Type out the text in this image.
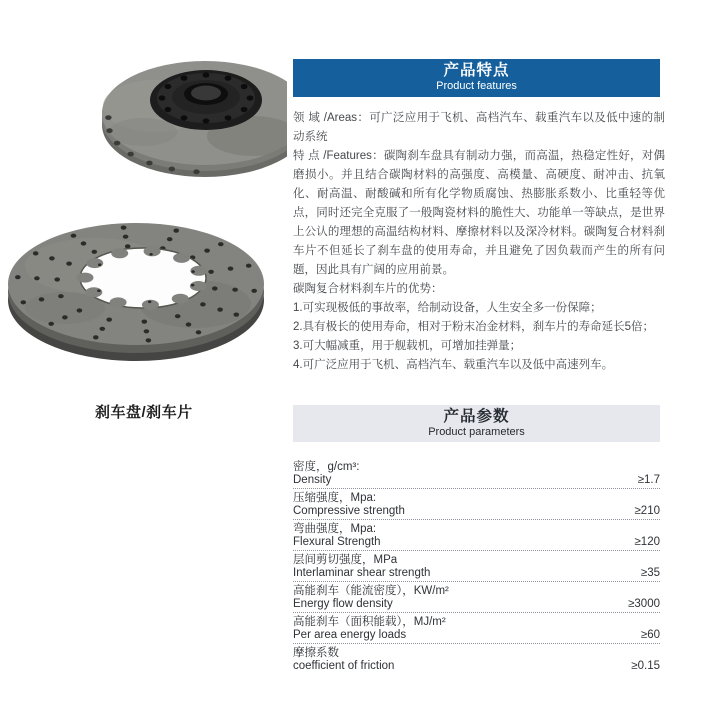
刹车盘/刹车片
产品特点
Product features
领 域 /Areas：可广泛应用于飞机、高档汽车、载重汽车以及低中速的制动系统
特 点 /Features：碳陶刹车盘具有制动力强，而高温，热稳定性好，对偶磨损小。并且结合碳陶材料的高强度、高模量、高硬度、耐冲击、抗氧化、耐高温、耐酸碱和所有化学物质腐蚀、热膨胀系数小、比重轻等优点，同时还完全克服了一般陶瓷材料的脆性大、功能单一等缺点，是世界上公认的理想的高温结构材料、摩擦材料以及深冷材料。碳陶复合材料刹车片不但延长了刹车盘的使用寿命，并且避免了因负载而产生的所有问题，因此具有广阔的应用前景。
碳陶复合材料刹车片的优势：
1.可实现极低的事故率，给制动设备，人生安全多一份保障；
2.具有极长的使用寿命，相对于粉末冶金材料，刹车片的寿命延长5倍；
3.可大幅减重，用于舰载机，可增加挂弹量；
4.可广泛应用于飞机、高档汽车、载重汽车以及低中高速列车。
产品参数
Product parameters
密度，g/cm³:
Density	≥1.7
压缩强度，Mpa:
Compressive strength	≥210
弯曲强度，Mpa:
Flexural Strength	≥120
层间剪切强度，MPa
Interlaminar shear strength	≥35
高能刹车（能流密度），KW/m²
Energy flow density	≥3000
高能刹车（面积能载），MJ/m²
Per area energy loads	≥60
摩擦系数
coefficient of friction	≥0.15
